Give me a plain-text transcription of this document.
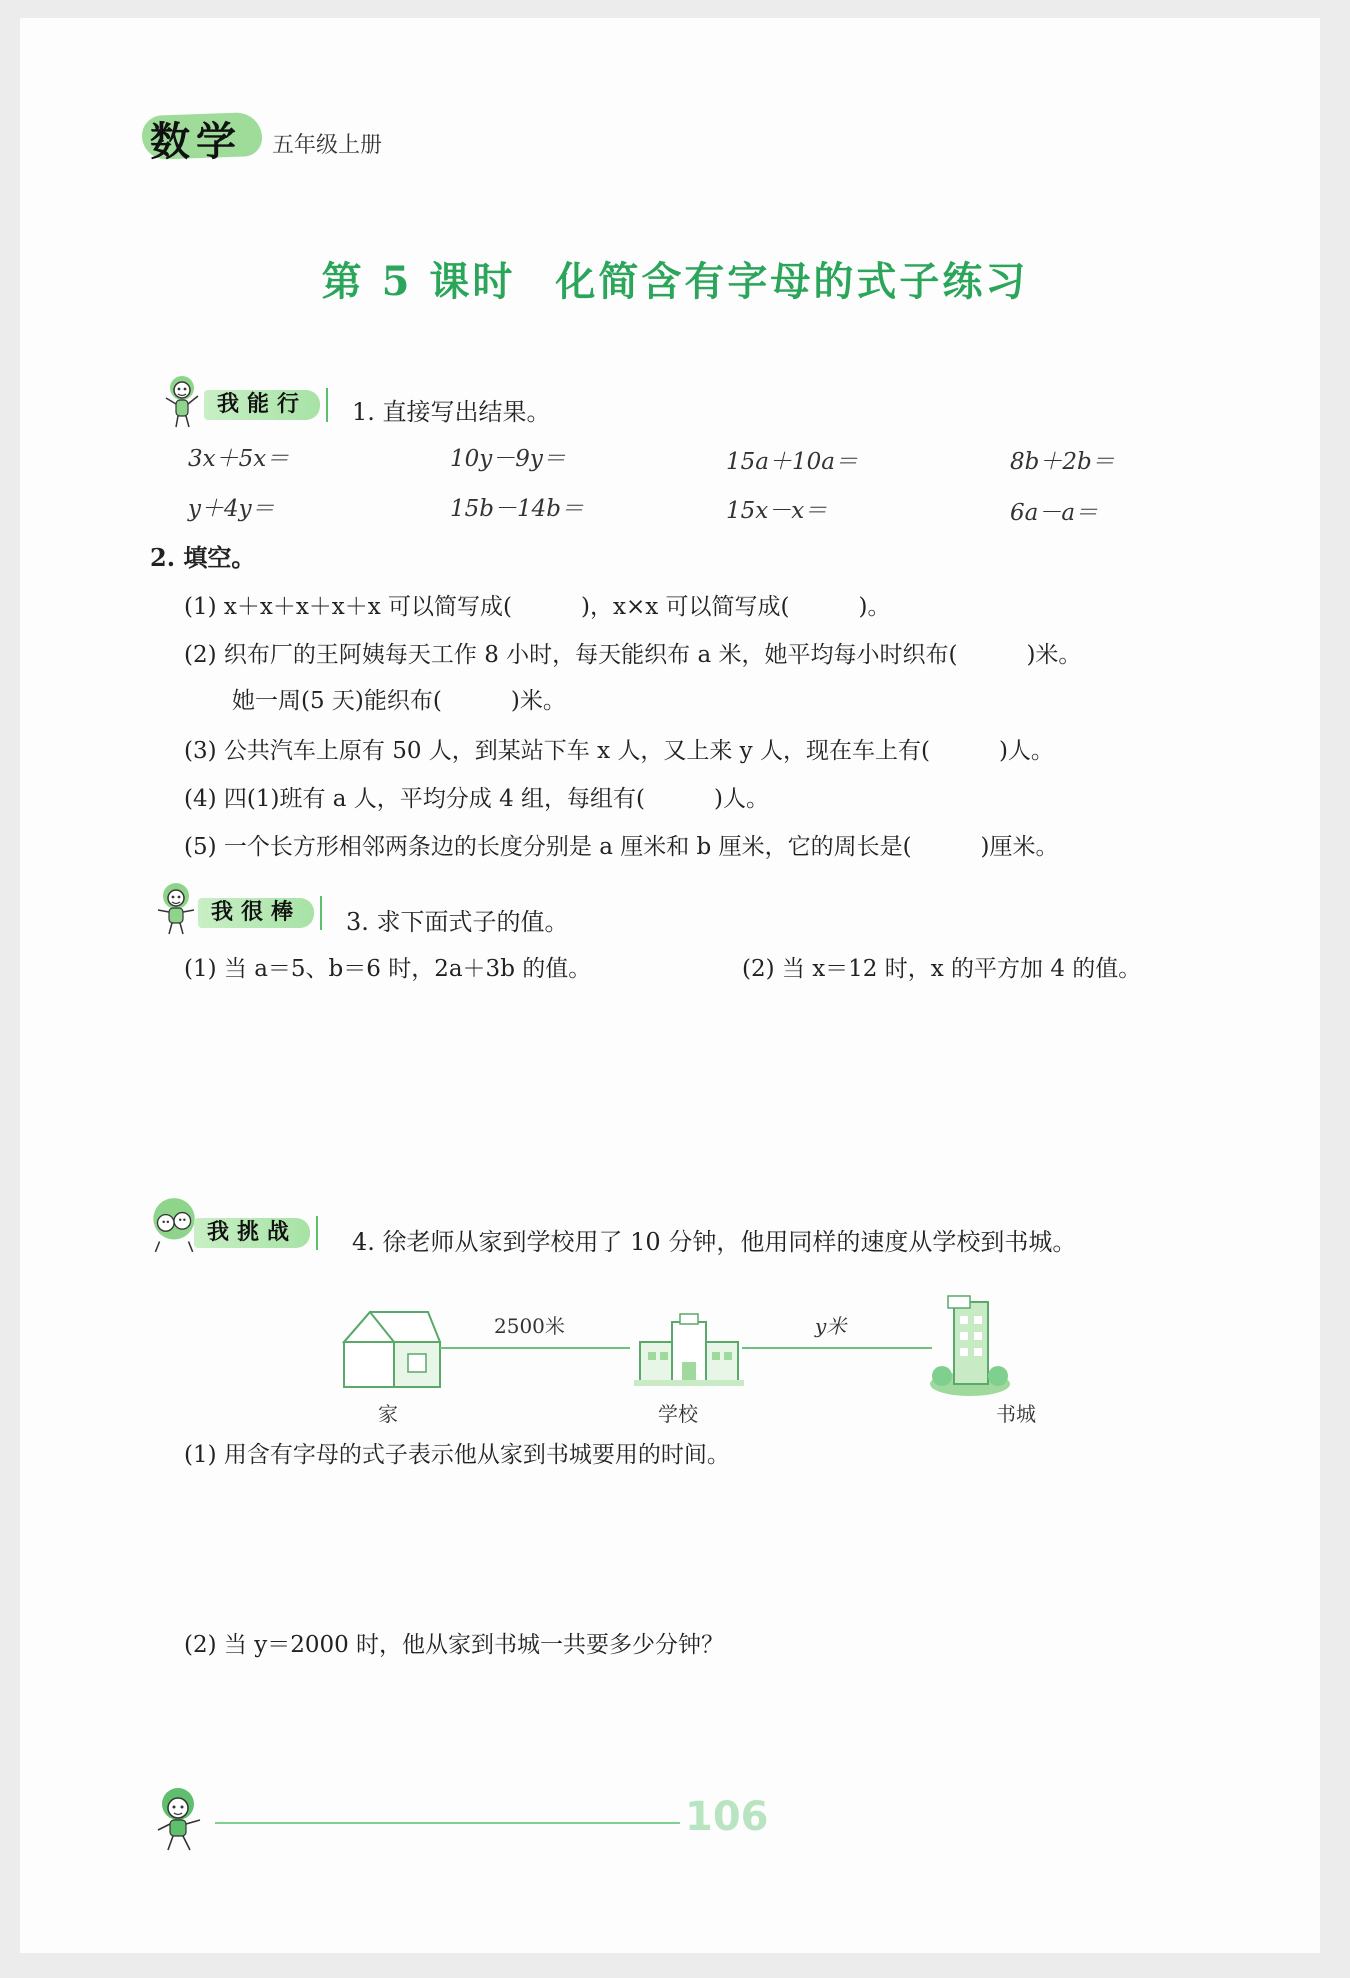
数学 五年级上册
第 5 课时 化简含有字母的式子练习
我能行	1. 直接写出结果。
3x＋5x＝	10y－9y＝	15a＋10a＝	8b＋2b＝
y＋4y＝	15b－14b＝	15x－x＝	6a－a＝
2. 填空。
(1) x＋x＋x＋x＋x 可以简写成(　　　)，x×x 可以简写成(　　　)。
(2) 织布厂的王阿姨每天工作 8 小时，每天能织布 a 米，她平均每小时织布(　　　)米。
她一周(5 天)能织布(　　　)米。
(3) 公共汽车上原有 50 人，到某站下车 x 人，又上来 y 人，现在车上有(　　　)人。
(4) 四(1)班有 a 人，平均分成 4 组，每组有(　　　)人。
(5) 一个长方形相邻两条边的长度分别是 a 厘米和 b 厘米，它的周长是(　　　)厘米。
我很棒	3. 求下面式子的值。
(1) 当 a＝5、b＝6 时，2a＋3b 的值。	(2) 当 x＝12 时，x 的平方加 4 的值。
我挑战	4. 徐老师从家到学校用了 10 分钟，他用同样的速度从学校到书城。
2500米	y米
家	学校	书城
(1) 用含有字母的式子表示他从家到书城要用的时间。
(2) 当 y＝2000 时，他从家到书城一共要多少分钟？
106
